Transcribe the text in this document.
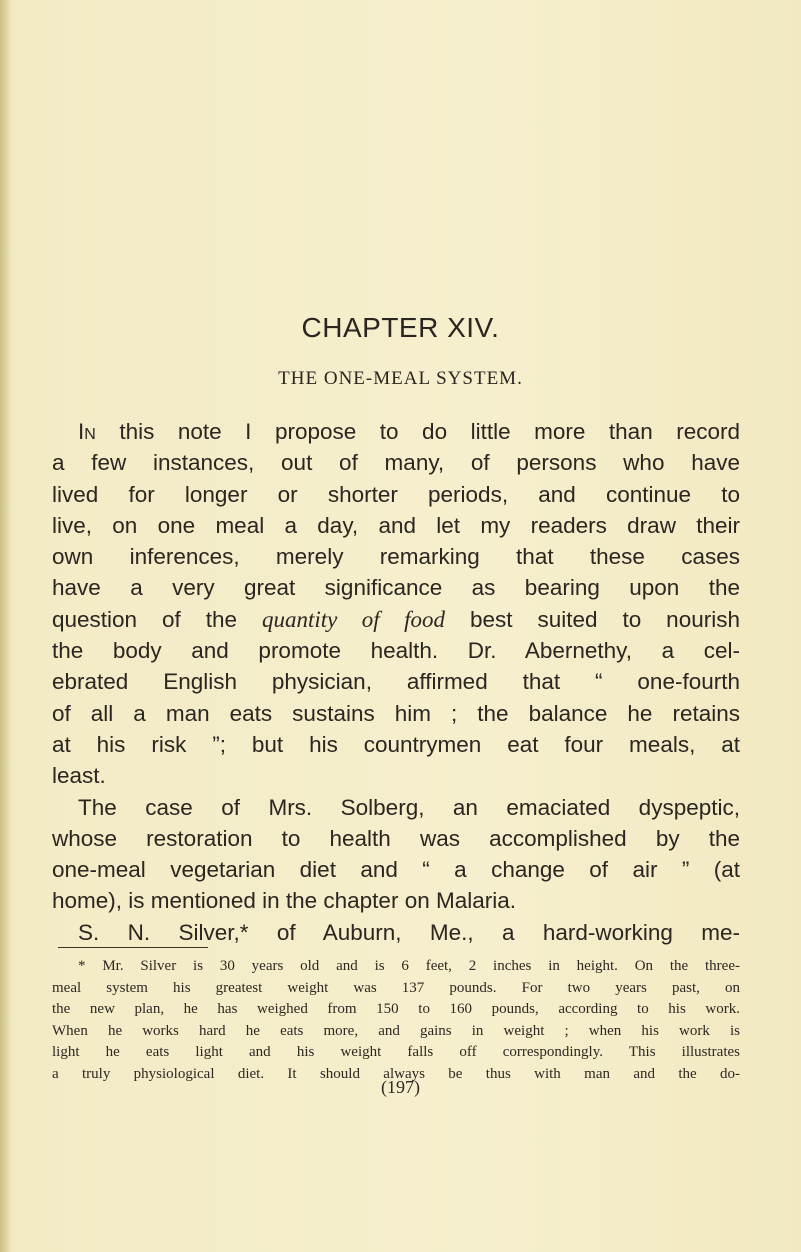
CHAPTER XIV.
THE ONE-MEAL SYSTEM.
In this note I propose to do little more than record
a few instances, out of many, of persons who have
lived for longer or shorter periods, and continue to
live, on one meal a day, and let my readers draw their
own inferences, merely remarking that these cases
have a very great significance as bearing upon the
question of the quantity of food best suited to nourish
the body and promote health. Dr. Abernethy, a cel-
ebrated English physician, affirmed that “ one-fourth
of all a man eats sustains him ; the balance he retains
at his risk ”; but his countrymen eat four meals, at
least.
The case of Mrs. Solberg, an emaciated dyspeptic,
whose restoration to health was accomplished by the
one-meal vegetarian diet and “ a change of air ” (at
home), is mentioned in the chapter on Malaria.
S. N. Silver,* of Auburn, Me., a hard-working me-
* Mr. Silver is 30 years old and is 6 feet, 2 inches in height. On the three-
meal system his greatest weight was 137 pounds. For two years past, on
the new plan, he has weighed from 150 to 160 pounds, according to his work.
When he works hard he eats more, and gains in weight ; when his work is
light he eats light and his weight falls off correspondingly. This illustrates
a truly physiological diet. It should always be thus with man and the do-
(197)
